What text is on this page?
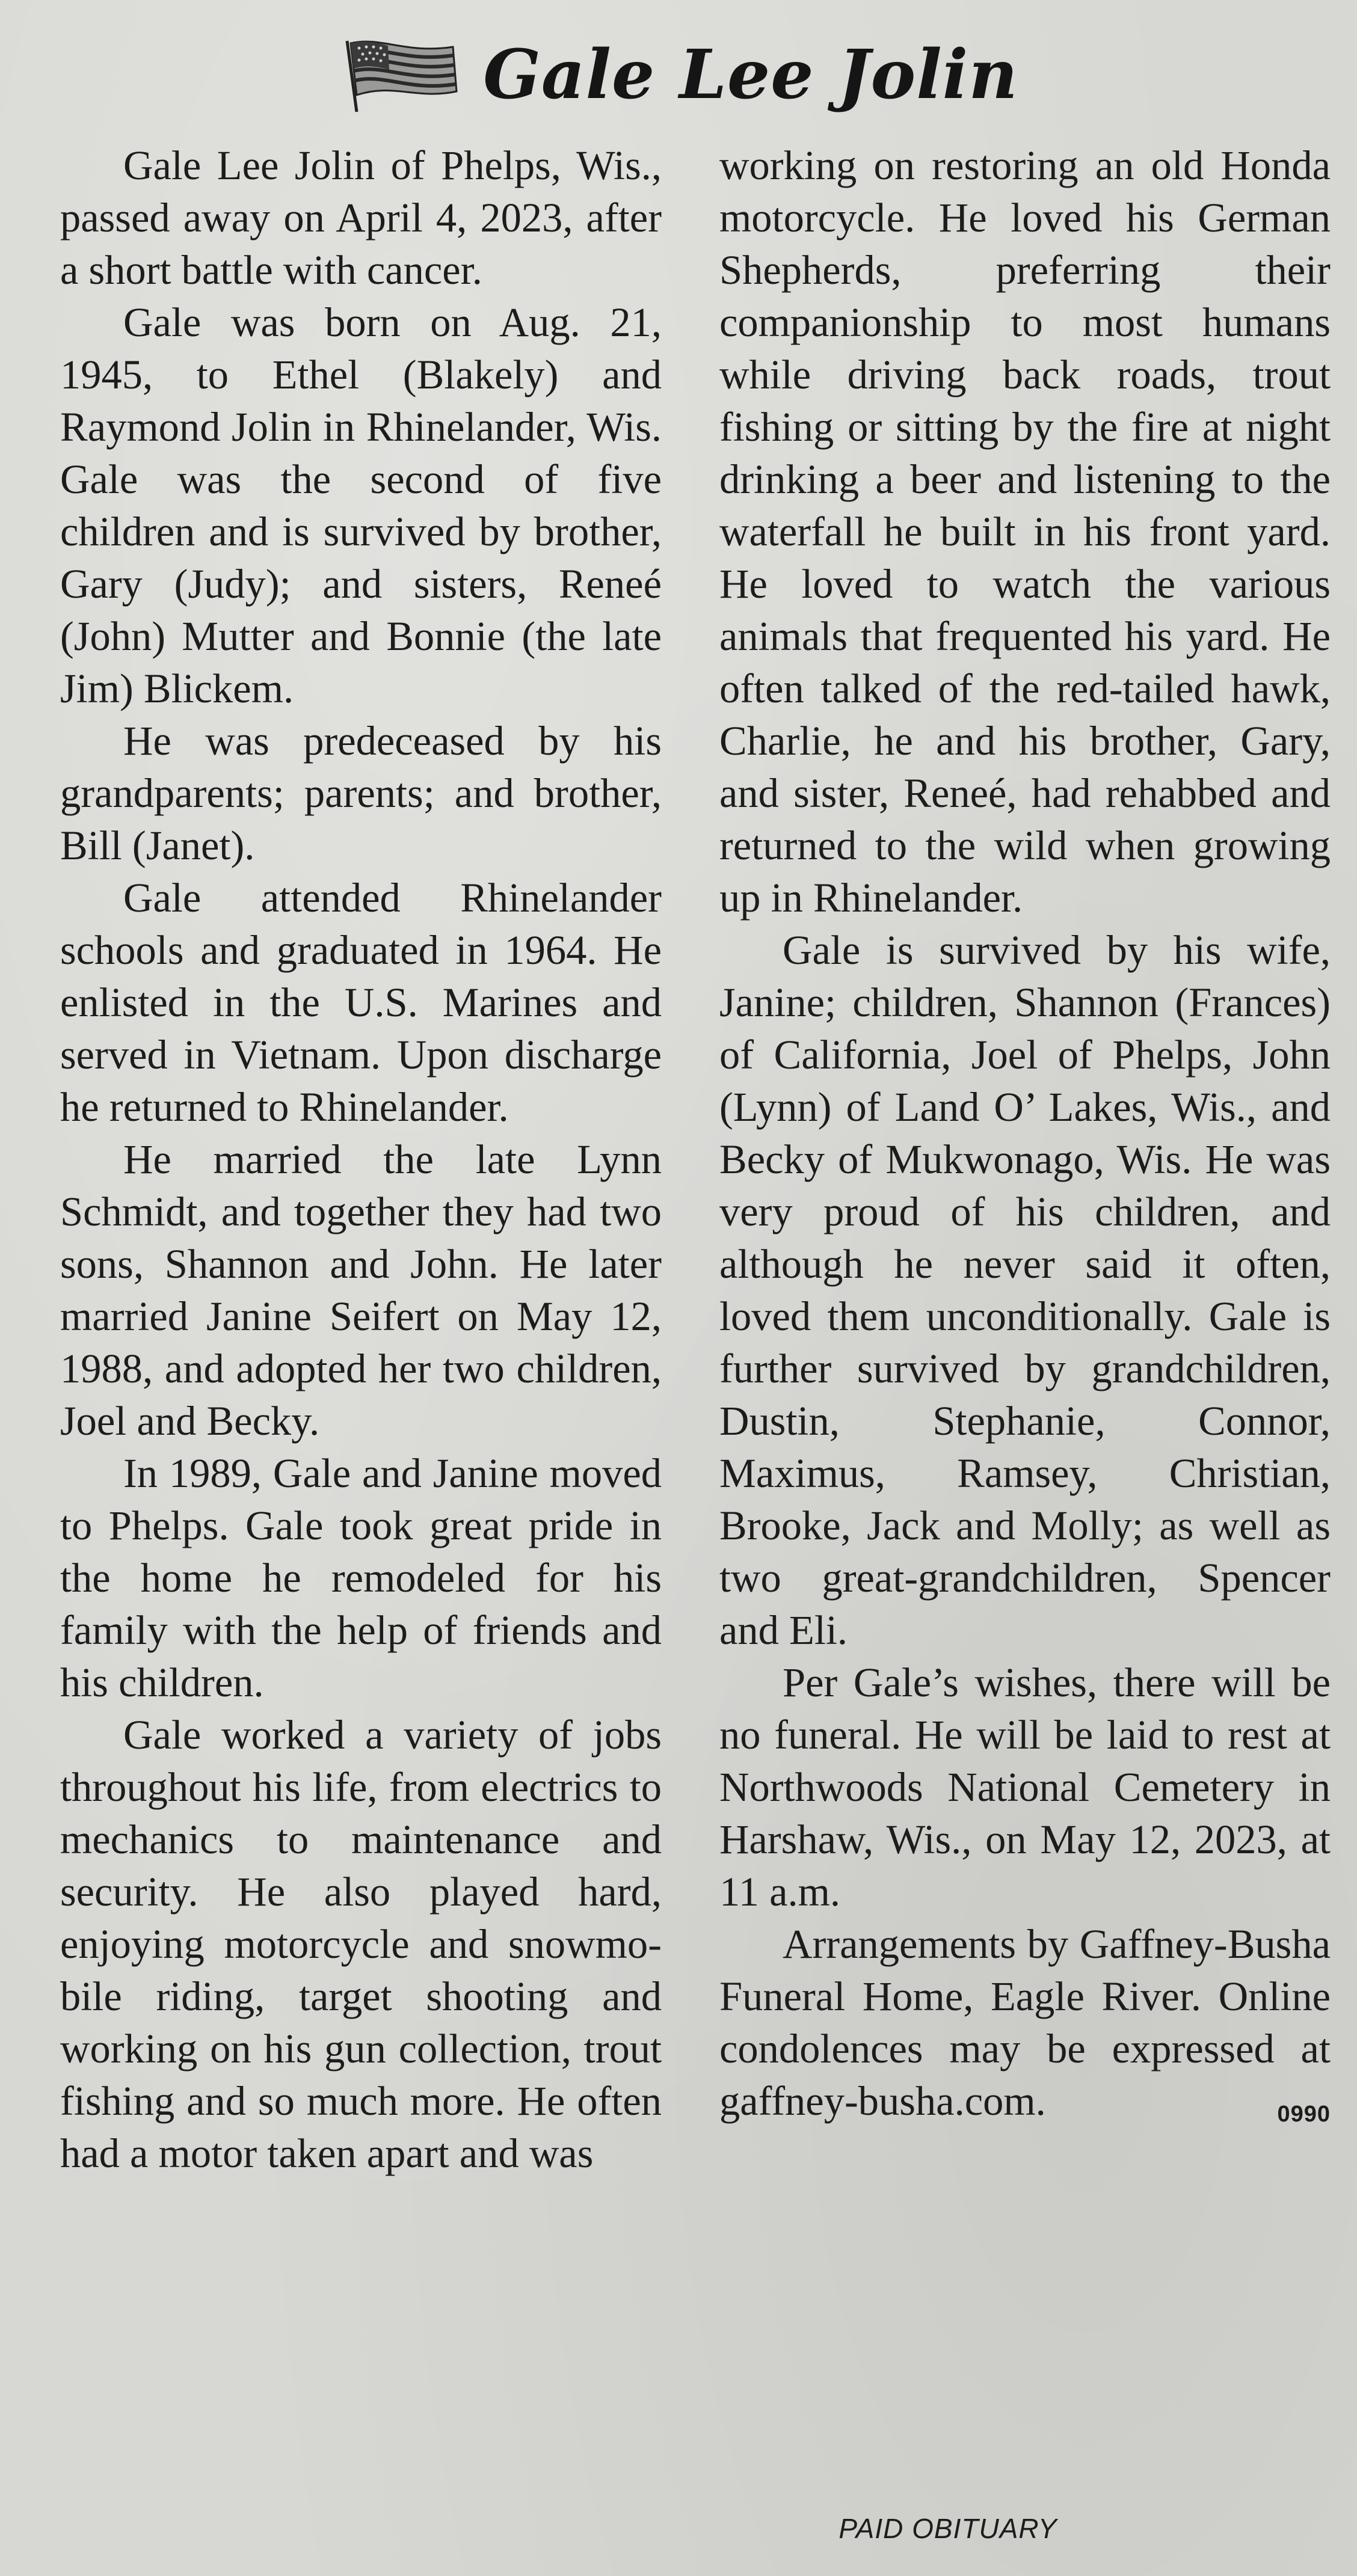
Gale Lee Jolin

Gale Lee Jolin of Phelps, Wis., passed away on April 4, 2023, after a short battle with cancer.

Gale was born on Aug. 21, 1945, to Ethel (Blakely) and Raymond Jolin in Rhinelander, Wis. Gale was the second of five children and is survived by brother, Gary (Judy); and sisters, Reneé (John) Mutter and Bonnie (the late Jim) Blickem.

He was predeceased by his grandparents; parents; and brother, Bill (Janet).

Gale attended Rhinelander schools and graduated in 1964. He enlisted in the U.S. Marines and served in Vietnam. Upon discharge he returned to Rhinelander.

He married the late Lynn Schmidt, and together they had two sons, Shannon and John. He later married Janine Seifert on May 12, 1988, and adopted her two children, Joel and Becky.

In 1989, Gale and Janine moved to Phelps. Gale took great pride in the home he remodeled for his family with the help of friends and his children.

Gale worked a variety of jobs throughout his life, from electrics to mechanics to maintenance and security. He also played hard, enjoying motorcycle and snowmobile riding, target shooting and working on his gun collection, trout fishing and so much more. He often had a motor taken apart and was

working on restoring an old Honda motorcycle. He loved his German Shepherds, preferring their companionship to most humans while driving back roads, trout fishing or sitting by the fire at night drinking a beer and listening to the waterfall he built in his front yard. He loved to watch the various animals that frequented his yard. He often talked of the red-tailed hawk, Charlie, he and his brother, Gary, and sister, Reneé, had rehabbed and returned to the wild when growing up in Rhinelander.

Gale is survived by his wife, Janine; children, Shannon (Frances) of California, Joel of Phelps, John (Lynn) of Land O’ Lakes, Wis., and Becky of Mukwonago, Wis. He was very proud of his children, and although he never said it often, loved them unconditionally. Gale is further survived by grandchildren, Dustin, Stephanie, Connor, Maximus, Ramsey, Christian, Brooke, Jack and Molly; as well as two great-grandchildren, Spencer and Eli.

Per Gale’s wishes, there will be no funeral. He will be laid to rest at Northwoods National Cemetery in Harshaw, Wis., on May 12, 2023, at 11 a.m.

Arrangements by Gaffney-Busha Funeral Home, Eagle River. Online condolences may be expressed at gaffney-busha.com.	0990

PAID OBITUARY
